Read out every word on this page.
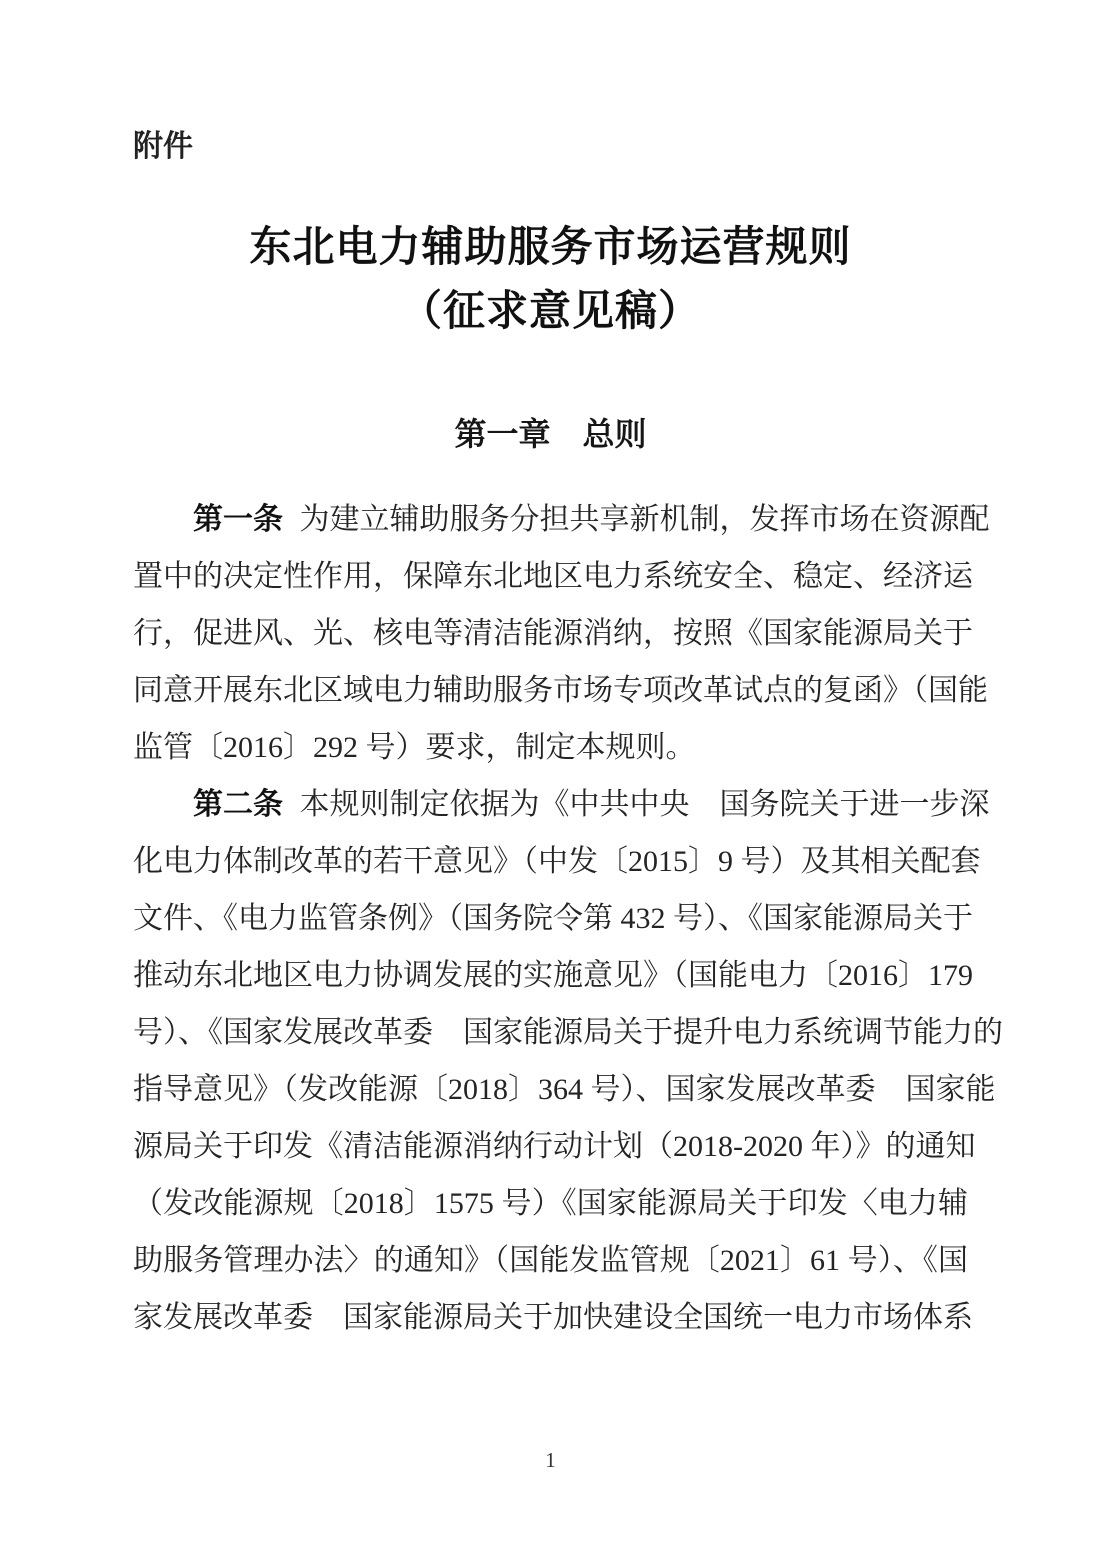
附件
东北电力辅助服务市场运营规则
（征求意见稿）
第一章　总则
第一条 为建立辅助服务分担共享新机制，发挥市场在资源配
置中的决定性作用，保障东北地区电力系统安全、稳定、经济运
行，促进风、光、核电等清洁能源消纳，按照《国家能源局关于
同意开展东北区域电力辅助服务市场专项改革试点的复函》（国能
监管〔2016〕292 号）要求，制定本规则。
第二条 本规则制定依据为《中共中央　国务院关于进一步深
化电力体制改革的若干意见》（中发〔2015〕9 号）及其相关配套
文件、《电力监管条例》（国务院令第 432 号）、《国家能源局关于
推动东北地区电力协调发展的实施意见》（国能电力〔2016〕179
号）、《国家发展改革委　国家能源局关于提升电力系统调节能力的
指导意见》（发改能源〔2018〕364 号）、国家发展改革委　国家能
源局关于印发《清洁能源消纳行动计划（2018-2020 年）》的通知
（发改能源规〔2018〕1575 号）《国家能源局关于印发〈电力辅
助服务管理办法〉的通知》（国能发监管规〔2021〕61 号）、《国
家发展改革委　国家能源局关于加快建设全国统一电力市场体系
1
